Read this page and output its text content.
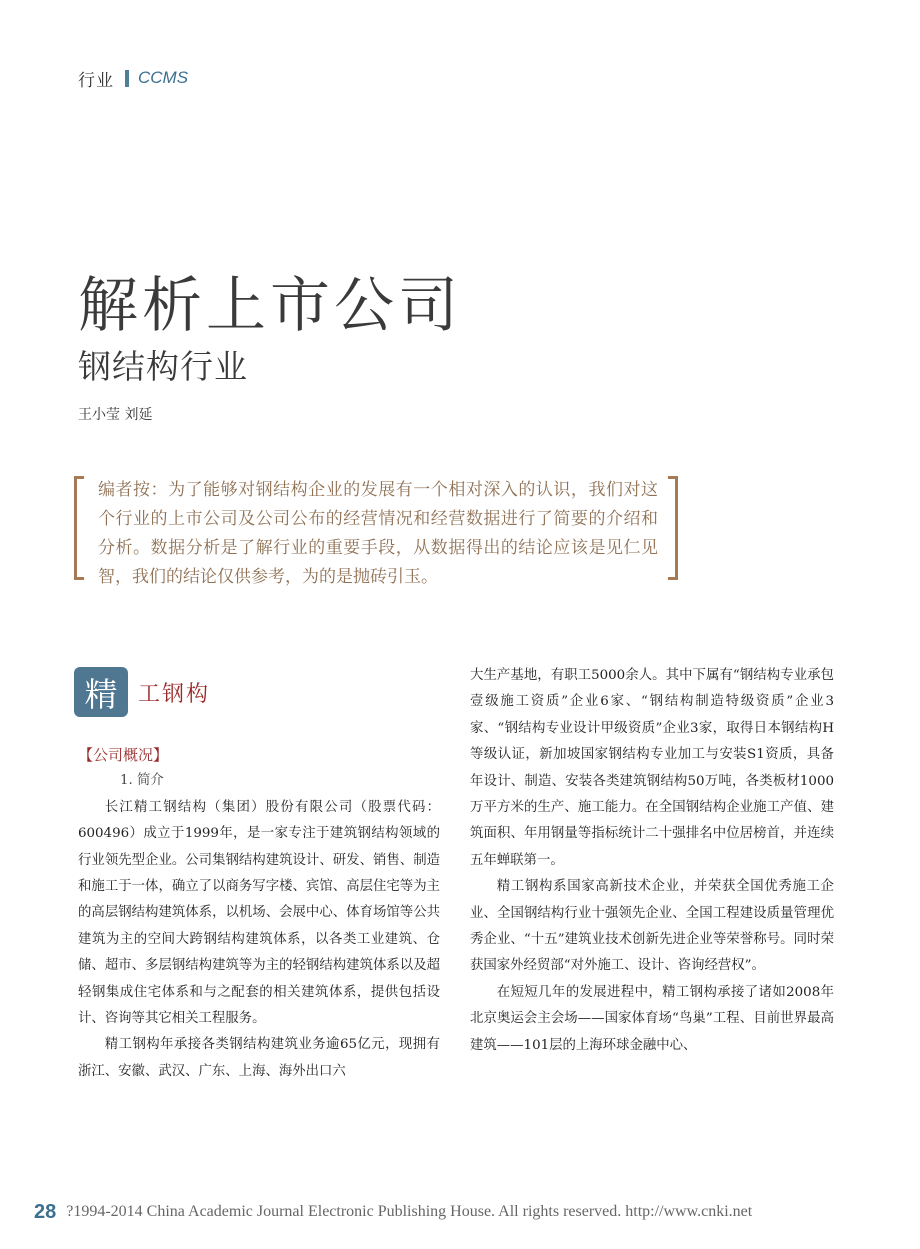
行业 CCMS
解析上市公司
钢结构行业
王小莹 刘延
编者按：为了能够对钢结构企业的发展有一个相对深入的认识，我们对这个行业的上市公司及公司公布的经营情况和经营数据进行了简要的介绍和分析。数据分析是了解行业的重要手段，从数据得出的结论应该是见仁见智，我们的结论仅供参考，为的是抛砖引玉。
精 工钢构

【公司概况】

1. 简介

长江精工钢结构（集团）股份有限公司（股票代码：600496）成立于1999年，是一家专注于建筑钢结构领域的行业领先型企业。公司集钢结构建筑设计、研发、销售、制造和施工于一体，确立了以商务写字楼、宾馆、高层住宅等为主的高层钢结构建筑体系，以机场、会展中心、体育场馆等公共建筑为主的空间大跨钢结构建筑体系，以各类工业建筑、仓储、超市、多层钢结构建筑等为主的轻钢结构建筑体系以及超轻钢集成住宅体系和与之配套的相关建筑体系，提供包括设计、咨询等其它相关工程服务。

精工钢构年承接各类钢结构建筑业务逾65亿元，现拥有浙江、安徽、武汉、广东、上海、海外出口六

大生产基地，有职工5000余人。其中下属有“钢结构专业承包壹级施工资质”企业6家、“钢结构制造特级资质”企业3家、“钢结构专业设计甲级资质”企业3家，取得日本钢结构H等级认证，新加坡国家钢结构专业加工与安装S1资质，具备年设计、制造、安装各类建筑钢结构50万吨，各类板材1000万平方米的生产、施工能力。在全国钢结构企业施工产值、建筑面积、年用钢量等指标统计二十强排名中位居榜首，并连续五年蝉联第一。

精工钢构系国家高新技术企业，并荣获全国优秀施工企业、全国钢结构行业十强领先企业、全国工程建设质量管理优秀企业、“十五”建筑业技术创新先进企业等荣誉称号。同时荣获国家外经贸部“对外施工、设计、咨询经营权”。

在短短几年的发展进程中，精工钢构承接了诸如2008年北京奥运会主会场——国家体育场“鸟巢”工程、目前世界最高建筑——101层的上海环球金融中心、

28 ?1994-2014 China Academic Journal Electronic Publishing House. All rights reserved. http://www.cnki.net
